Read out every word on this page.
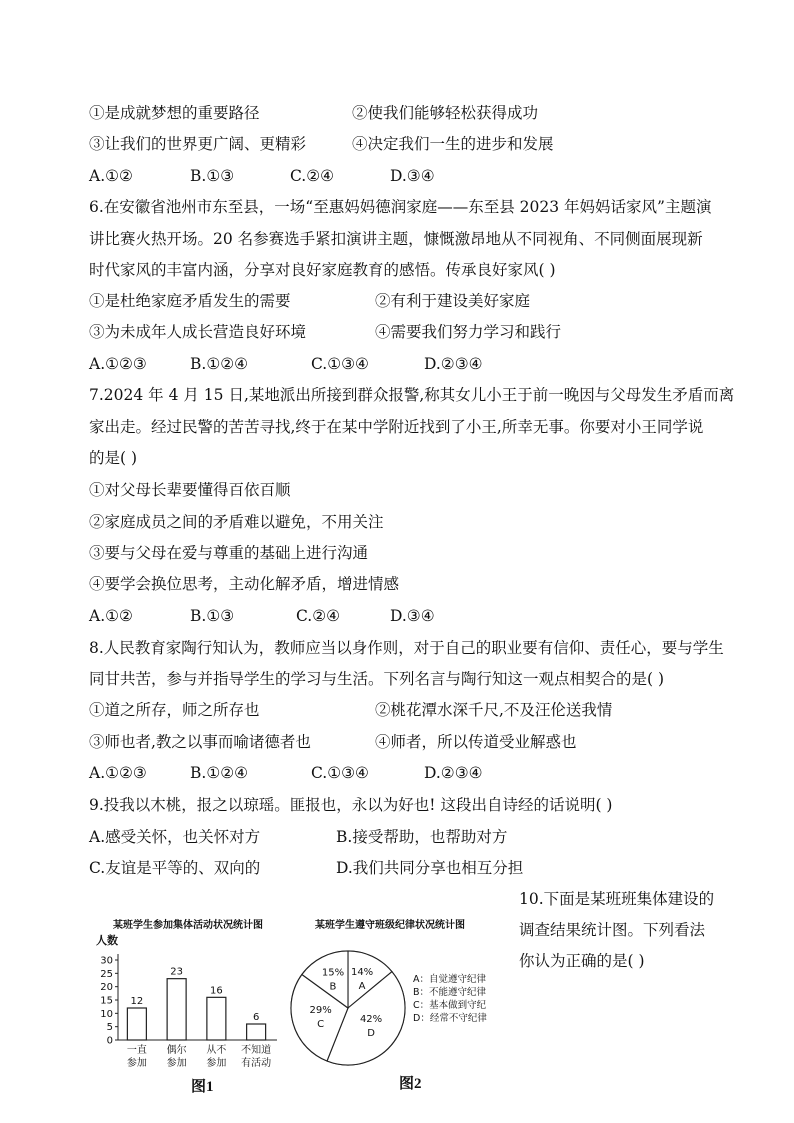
①是成就梦想的重要路径	②使我们能够轻松获得成功
③让我们的世界更广阔、更精彩	④决定我们一生的进步和发展
A.①②	B.①③	C.②④	D.③④
6.在安徽省池州市东至县，一场“至惠妈妈德润家庭——东至县 2023 年妈妈话家风”主题演
讲比赛火热开场。20 名参赛选手紧扣演讲主题，慷慨激昂地从不同视角、不同侧面展现新
时代家风的丰富内涵，分享对良好家庭教育的感悟。传承良好家风( )
①是杜绝家庭矛盾发生的需要	②有利于建设美好家庭
③为未成年人成长营造良好环境	④需要我们努力学习和践行
A.①②③	B.①②④	C.①③④	D.②③④
7.2024 年 4 月 15 日,某地派出所接到群众报警,称其女儿小王于前一晚因与父母发生矛盾而离
家出走。经过民警的苦苦寻找,终于在某中学附近找到了小王,所幸无事。你要对小王同学说
的是( )
①对父母长辈要懂得百依百顺
②家庭成员之间的矛盾难以避免，不用关注
③要与父母在爱与尊重的基础上进行沟通
④要学会换位思考，主动化解矛盾，增进情感
A.①②	B.①③	C.②④	D.③④
8.人民教育家陶行知认为，教师应当以身作则，对于自己的职业要有信仰、责任心，要与学生
同甘共苦，参与并指导学生的学习与生活。下列名言与陶行知这一观点相契合的是( )
①道之所存，师之所存也	②桃花潭水深千尺,不及汪伦送我情
③师也者,教之以事而喻诸德者也	④师者，所以传道受业解惑也
A.①②③	B.①②④	C.①③④	D.②③④
9.投我以木桃，报之以琼瑶。匪报也，永以为好也! 这段出自诗经的话说明( )
A.感受关怀，也关怀对方	B.接受帮助，也帮助对方
C.友谊是平等的、双向的	D.我们共同分享也相互分担
10.下面是某班班集体建设的
调查结果统计图。下列看法
你认为正确的是( )
某班学生参加集体活动状况统计图
人数
0
5
10
15
20
25
30
12
23
16
6
一直
参加
偶尔
参加
从不
参加
不知道
有活动
图1
某班学生遵守班级纪律状况统计图
14%
A
42%
D
29%
C
15%
B
A：自觉遵守纪律
B：不能遵守纪律
C：基本做到守纪
D：经常不守纪律
图2
